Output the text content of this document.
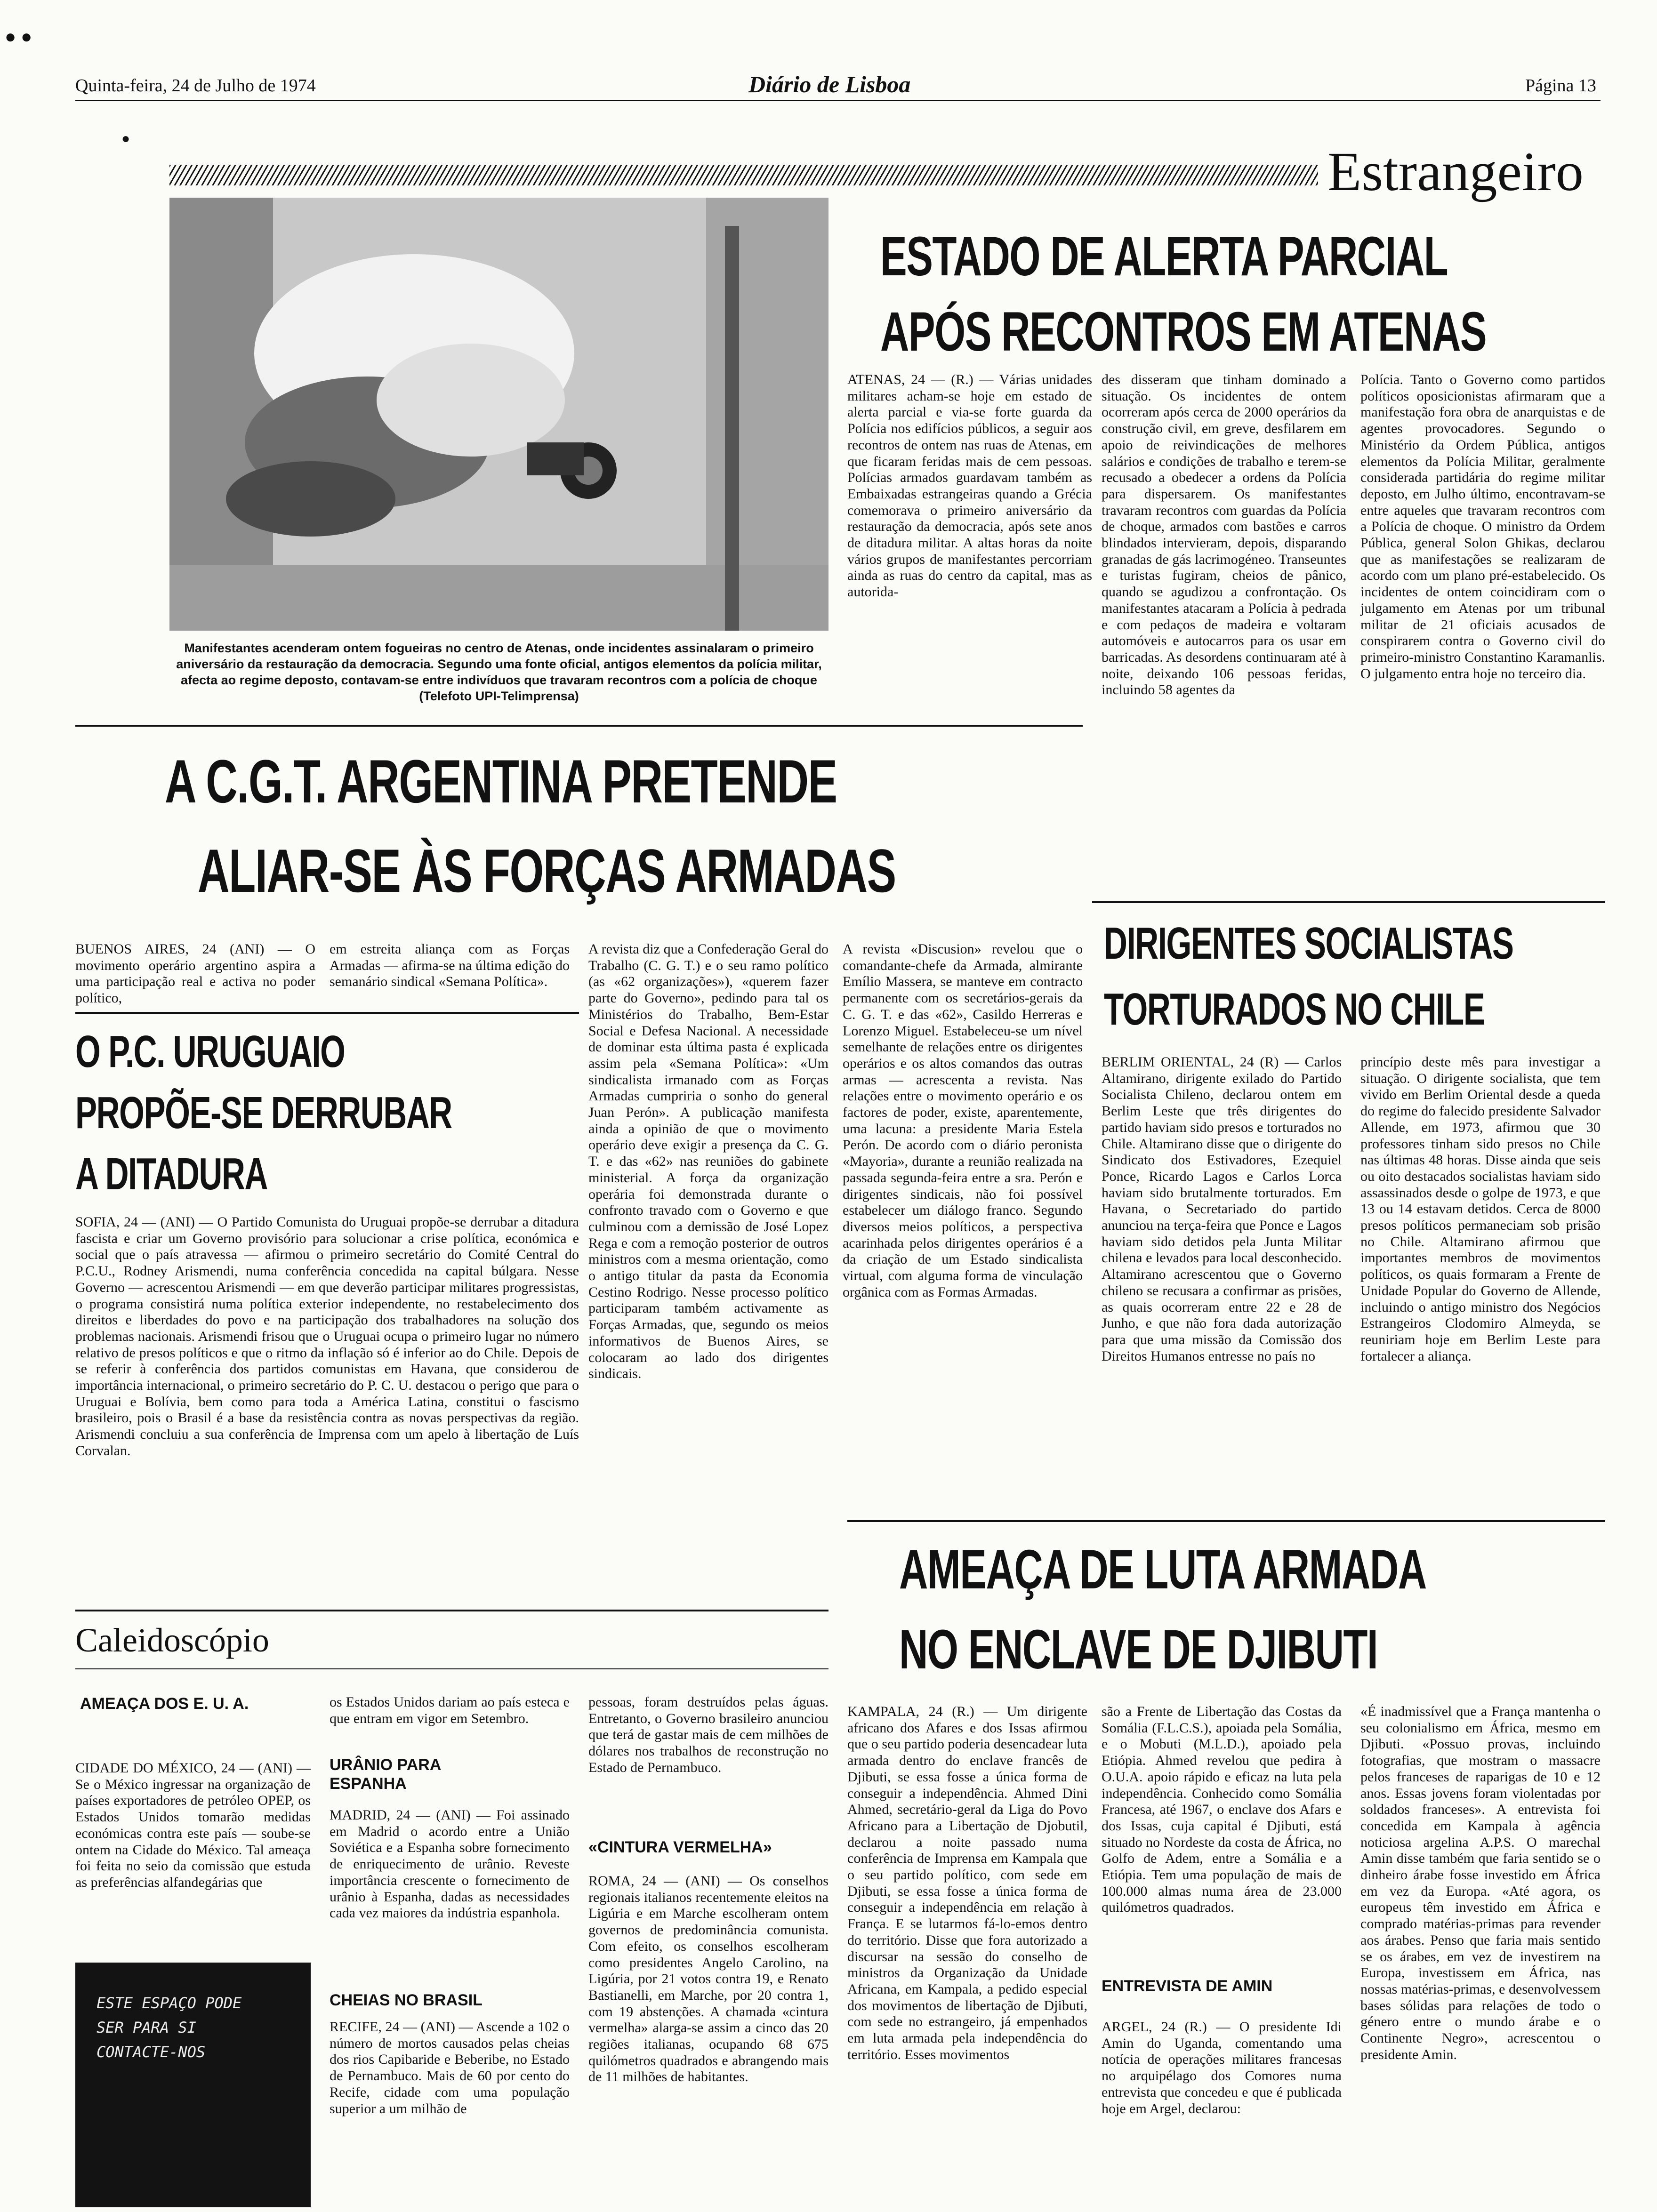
● ●
Quinta-feira, 24 de Julho de 1974	Diário de Lisboa	Página 13
●
Estrangeiro
Manifestantes acenderam ontem fogueiras no centro de Atenas, onde incidentes assinalaram o primeiro aniversário da restauração da democracia. Segundo uma fonte oficial, antigos elementos da polícia militar, afecta ao regime deposto, contavam-se entre indivíduos que travaram recontros com a polícia de choque (Telefoto UPI-Telimprensa)
ESTADO DE ALERTA PARCIAL
APÓS RECONTROS EM ATENAS
ATENAS, 24 — (R.) — Várias unidades militares acham-se hoje em estado de alerta parcial e via-se forte guarda da Polícia nos edifícios públicos, a seguir aos recontros de ontem nas ruas de Atenas, em que ficaram feridas mais de cem pessoas. Polícias armados guardavam também as Embaixadas estrangeiras quando a Grécia comemorava o primeiro aniversário da restauração da democracia, após sete anos de ditadura militar. A altas horas da noite vários grupos de manifestantes percorriam ainda as ruas do centro da capital, mas as autorida-
des disseram que tinham dominado a situação. Os incidentes de ontem ocorreram após cerca de 2000 operários da construção civil, em greve, desfilarem em apoio de reivindicações de melhores salários e condições de trabalho e terem-se recusado a obedecer a ordens da Polícia para dispersarem. Os manifestantes travaram recontros com guardas da Polícia de choque, armados com bastões e carros blindados intervieram, depois, disparando granadas de gás lacrimogéneo. Transeuntes e turistas fugiram, cheios de pânico, quando se agudizou a confrontação. Os manifestantes atacaram a Polícia à pedrada e com pedaços de madeira e voltaram automóveis e autocarros para os usar em barricadas. As desordens continuaram até à noite, deixando 106 pessoas feridas, incluindo 58 agentes da
Polícia. Tanto o Governo como partidos políticos oposicionistas afirmaram que a manifestação fora obra de anarquistas e de agentes provocadores. Segundo o Ministério da Ordem Pública, antigos elementos da Polícia Militar, geralmente considerada partidária do regime militar deposto, em Julho último, encontravam-se entre aqueles que travaram recontros com a Polícia de choque. O ministro da Ordem Pública, general Solon Ghikas, declarou que as manifestações se realizaram de acordo com um plano pré-estabelecido. Os incidentes de ontem coincidiram com o julgamento em Atenas por um tribunal militar de 21 oficiais acusados de conspirarem contra o Governo civil do primeiro-ministro Constantino Karamanlis. O julgamento entra hoje no terceiro dia.
A C.G.T. ARGENTINA PRETENDE
ALIAR-SE ÀS FORÇAS ARMADAS
BUENOS AIRES, 24 (ANI) — O movimento operário argentino aspira a uma participação real e activa no poder político,
em estreita aliança com as Forças Armadas — afirma-se na última edição do semanário sindical «Semana Política».
A revista diz que a Confederação Geral do Trabalho (C. G. T.) e o seu ramo político (as «62 organizações»), «querem fazer parte do Governo», pedindo para tal os Ministérios do Trabalho, Bem-Estar Social e Defesa Nacional. A necessidade de dominar esta última pasta é explicada assim pela «Semana Política»: «Um sindicalista irmanado com as Forças Armadas cumpriria o sonho do general Juan Perón». A publicação manifesta ainda a opinião de que o movimento operário deve exigir a presença da C. G. T. e das «62» nas reuniões do gabinete ministerial. A força da organização operária foi demonstrada durante o confronto travado com o Governo e que culminou com a demissão de José Lopez Rega e com a remoção posterior de outros ministros com a mesma orientação, como o antigo titular da pasta da Economia Cestino Rodrigo. Nesse processo político participaram também activamente as Forças Armadas, que, segundo os meios informativos de Buenos Aires, se colocaram ao lado dos dirigentes sindicais.
A revista «Discusion» revelou que o comandante-chefe da Armada, almirante Emílio Massera, se manteve em contracto permanente com os secretários-gerais da C. G. T. e das «62», Casildo Herreras e Lorenzo Miguel. Estabeleceu-se um nível semelhante de relações entre os dirigentes operários e os altos comandos das outras armas — acrescenta a revista. Nas relações entre o movimento operário e os factores de poder, existe, aparentemente, uma lacuna: a presidente Maria Estela Perón. De acordo com o diário peronista «Mayoria», durante a reunião realizada na passada segunda-feira entre a sra. Perón e dirigentes sindicais, não foi possível estabelecer um diálogo franco. Segundo diversos meios políticos, a perspectiva acarinhada pelos dirigentes operários é a da criação de um Estado sindicalista virtual, com alguma forma de vinculação orgânica com as Formas Armadas.
O P.C. URUGUAIO
PROPÕE-SE DERRUBAR
A DITADURA
SOFIA, 24 — (ANI) — O Partido Comunista do Uruguai propõe-se derrubar a ditadura fascista e criar um Governo provisório para solucionar a crise política, económica e social que o país atravessa — afirmou o primeiro secretário do Comité Central do P.C.U., Rodney Arismendi, numa conferência concedida na capital búlgara. Nesse Governo — acrescentou Arismendi — em que deverão participar militares progressistas, o programa consistirá numa política exterior independente, no restabelecimento dos direitos e liberdades do povo e na participação dos trabalhadores na solução dos problemas nacionais. Arismendi frisou que o Uruguai ocupa o primeiro lugar no número relativo de presos políticos e que o ritmo da inflação só é inferior ao do Chile. Depois de se referir à conferência dos partidos comunistas em Havana, que considerou de importância internacional, o primeiro secretário do P. C. U. destacou o perigo que para o Uruguai e Bolívia, bem como para toda a América Latina, constitui o fascismo brasileiro, pois o Brasil é a base da resistência contra as novas perspectivas da região. Arismendi concluiu a sua conferência de Imprensa com um apelo à libertação de Luís Corvalan.
DIRIGENTES SOCIALISTAS
TORTURADOS NO CHILE
BERLIM ORIENTAL, 24 (R) — Carlos Altamirano, dirigente exilado do Partido Socialista Chileno, declarou ontem em Berlim Leste que três dirigentes do partido haviam sido presos e torturados no Chile. Altamirano disse que o dirigente do Sindicato dos Estivadores, Ezequiel Ponce, Ricardo Lagos e Carlos Lorca haviam sido brutalmente torturados. Em Havana, o Secretariado do partido anunciou na terça-feira que Ponce e Lagos haviam sido detidos pela Junta Militar chilena e levados para local desconhecido. Altamirano acrescentou que o Governo chileno se recusara a confirmar as prisões, as quais ocorreram entre 22 e 28 de Junho, e que não fora dada autorização para que uma missão da Comissão dos Direitos Humanos entresse no país no
princípio deste mês para investigar a situação. O dirigente socialista, que tem vivido em Berlim Oriental desde a queda do regime do falecido presidente Salvador Allende, em 1973, afirmou que 30 professores tinham sido presos no Chile nas últimas 48 horas. Disse ainda que seis ou oito destacados socialistas haviam sido assassinados desde o golpe de 1973, e que 13 ou 14 estavam detidos. Cerca de 8000 presos políticos permaneciam sob prisão no Chile. Altamirano afirmou que importantes membros de movimentos políticos, os quais formaram a Frente de Unidade Popular do Governo de Allende, incluindo o antigo ministro dos Negócios Estrangeiros Clodomiro Almeyda, se reuniriam hoje em Berlim Leste para fortalecer a aliança.
AMEAÇA DE LUTA ARMADA
NO ENCLAVE DE DJIBUTI
KAMPALA, 24 (R.) — Um dirigente africano dos Afares e dos Issas afirmou que o seu partido poderia desencadear luta armada dentro do enclave francês de Djibuti, se essa fosse a única forma de conseguir a independência. Ahmed Dini Ahmed, secretário-geral da Liga do Povo Africano para a Libertação de Djobutil, declarou a noite passado numa conferência de Imprensa em Kampala que o seu partido político, com sede em Djibuti, se essa fosse a única forma de conseguir a independência em relação à França. E se lutarmos fá-lo-emos dentro do território. Disse que fora autorizado a discursar na sessão do conselho de ministros da Organização da Unidade Africana, em Kampala, a pedido especial dos movimentos de libertação de Djibuti, com sede no estrangeiro, já empenhados em luta armada pela independência do território. Esses movimentos
são a Frente de Libertação das Costas da Somália (F.L.C.S.), apoiada pela Somália, e o Mobuti (M.L.D.), apoiado pela Etiópia. Ahmed revelou que pedira à O.U.A. apoio rápido e eficaz na luta pela independência. Conhecido como Somália Francesa, até 1967, o enclave dos Afars e dos Issas, cuja capital é Djibuti, está situado no Nordeste da costa de África, no Golfo de Adem, entre a Somália e a Etiópia. Tem uma população de mais de 100.000 almas numa área de 23.000 quilómetros quadrados.
ENTREVISTA DE AMIN
ARGEL, 24 (R.) — O presidente Idi Amin do Uganda, comentando uma notícia de operações militares francesas no arquipélago dos Comores numa entrevista que concedeu e que é publicada hoje em Argel, declarou:
«É inadmissível que a França mantenha o seu colonialismo em África, mesmo em Djibuti. «Possuo provas, incluindo fotografias, que mostram o massacre pelos franceses de raparigas de 10 e 12 anos. Essas jovens foram violentadas por soldados franceses». A entrevista foi concedida em Kampala à agência noticiosa argelina A.P.S. O marechal Amin disse também que faria sentido se o dinheiro árabe fosse investido em África em vez da Europa. «Até agora, os europeus têm investido em África e comprado matérias-primas para revender aos árabes. Penso que faria mais sentido se os árabes, em vez de investirem na Europa, investissem em África, nas nossas matérias-primas, e desenvolvessem bases sólidas para relações de todo o género entre o mundo árabe e o Continente Negro», acrescentou o presidente Amin.
Caleidoscópio
AMEAÇA DOS E. U. A.
CIDADE DO MÉXICO, 24 — (ANI) — Se o México ingressar na organização de países exportadores de petróleo OPEP, os Estados Unidos tomarão medidas económicas contra este país — soube-se ontem na Cidade do México. Tal ameaça foi feita no seio da comissão que estuda as preferências alfandegárias que
ESTE ESPAÇO PODE SER PARA SI CONTACTE-NOS
os Estados Unidos dariam ao país esteca e que entram em vigor em Setembro.
URÂNIO PARA ESPANHA
MADRID, 24 — (ANI) — Foi assinado em Madrid o acordo entre a União Soviética e a Espanha sobre fornecimento de enriquecimento de urânio. Reveste importância crescente o fornecimento de urânio à Espanha, dadas as necessidades cada vez maiores da indústria espanhola.
CHEIAS NO BRASIL
RECIFE, 24 — (ANI) — Ascende a 102 o número de mortos causados pelas cheias dos rios Capibaride e Beberibe, no Estado de Pernambuco. Mais de 60 por cento do Recife, cidade com uma população superior a um milhão de
pessoas, foram destruídos pelas águas. Entretanto, o Governo brasileiro anunciou que terá de gastar mais de cem milhões de dólares nos trabalhos de reconstrução no Estado de Pernambuco.
«CINTURA VERMELHA»
ROMA, 24 — (ANI) — Os conselhos regionais italianos recentemente eleitos na Ligúria e em Marche escolheram ontem governos de predominância comunista. Com efeito, os conselhos escolheram como presidentes Angelo Carolino, na Ligúria, por 21 votos contra 19, e Renato Bastianelli, em Marche, por 20 contra 1, com 19 abstenções. A chamada «cintura vermelha» alarga-se assim a cinco das 20 regiões italianas, ocupando 68 675 quilómetros quadrados e abrangendo mais de 11 milhões de habitantes.
